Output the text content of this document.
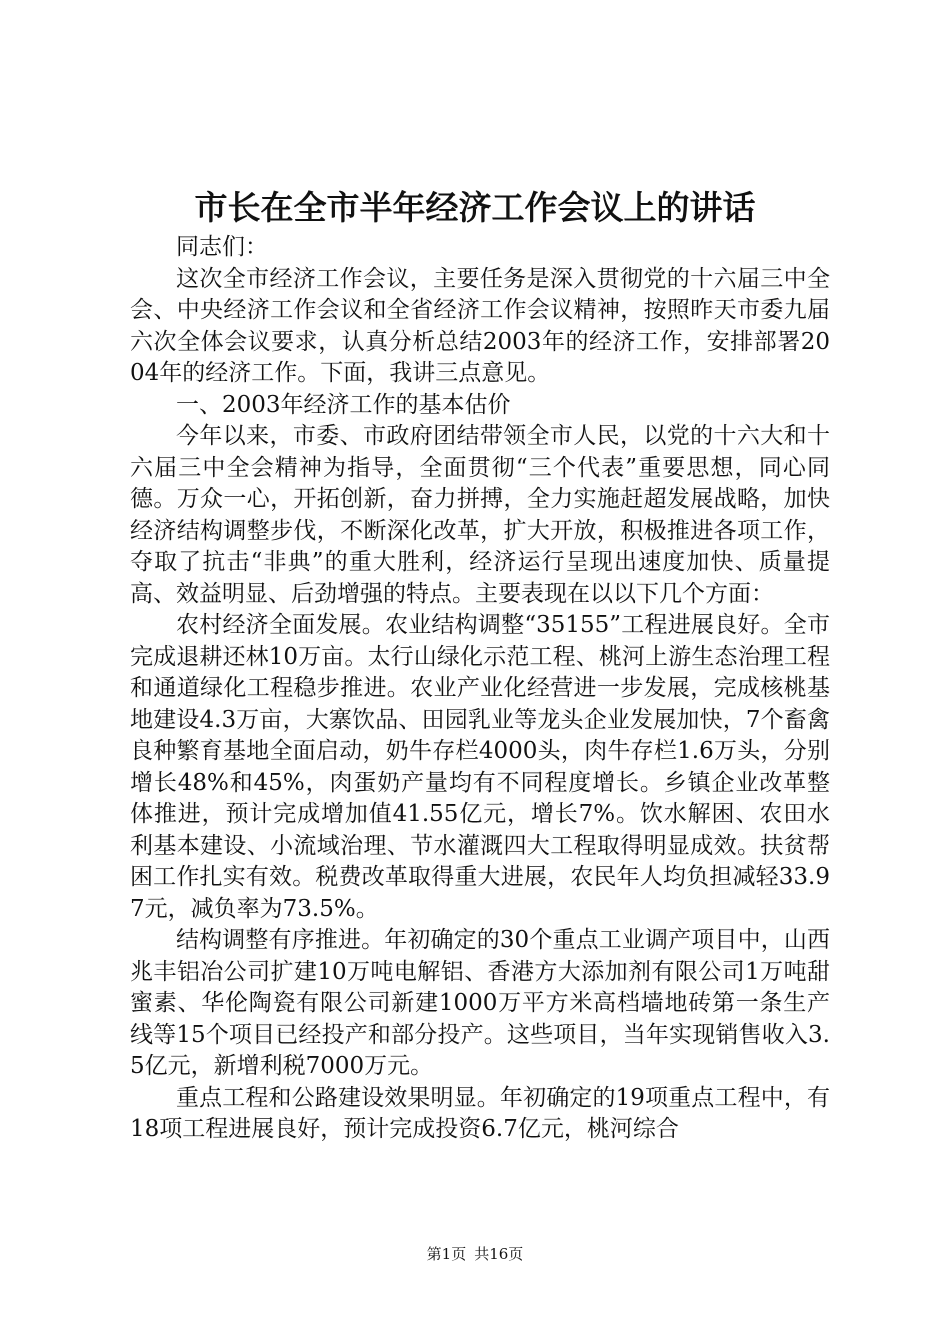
市长在全市半年经济工作会议上的讲话

同志们：

这次全市经济工作会议，主要任务是深入贯彻党的十六届三中全会、中央经济工作会议和全省经济工作会议精神，按照昨天市委九届六次全体会议要求，认真分析总结2003年的经济工作，安排部署2004年的经济工作。下面，我讲三点意见。

一、2003年经济工作的基本估价

今年以来，市委、市政府团结带领全市人民，以党的十六大和十六届三中全会精神为指导，全面贯彻“三个代表”重要思想，同心同德。万众一心，开拓创新，奋力拼搏，全力实施赶超发展战略，加快经济结构调整步伐，不断深化改革，扩大开放，积极推进各项工作，夺取了抗击“非典”的重大胜利，经济运行呈现出速度加快、质量提高、效益明显、后劲增强的特点。主要表现在以以下几个方面：

农村经济全面发展。农业结构调整“35155”工程进展良好。全市完成退耕还林10万亩。太行山绿化示范工程、桃河上游生态治理工程和通道绿化工程稳步推进。农业产业化经营进一步发展，完成核桃基地建设4.3万亩，大寨饮品、田园乳业等龙头企业发展加快，7个畜禽良种繁育基地全面启动，奶牛存栏4000头，肉牛存栏1.6万头，分别增长48%和45%，肉蛋奶产量均有不同程度增长。乡镇企业改革整体推进，预计完成增加值41.55亿元，增长7%。饮水解困、农田水利基本建设、小流域治理、节水灌溉四大工程取得明显成效。扶贫帮困工作扎实有效。税费改革取得重大进展，农民年人均负担减轻33.97元，减负率为73.5%。

结构调整有序推进。年初确定的30个重点工业调产项目中，山西兆丰铝冶公司扩建10万吨电解铝、香港方大添加剂有限公司1万吨甜蜜素、华伦陶瓷有限公司新建1000万平方米高档墙地砖第一条生产线等15个项目已经投产和部分投产。这些项目，当年实现销售收入3.5亿元，新增利税7000万元。

重点工程和公路建设效果明显。年初确定的19项重点工程中，有18项工程进展良好，预计完成投资6.7亿元，桃河综合

第1页 共16页
